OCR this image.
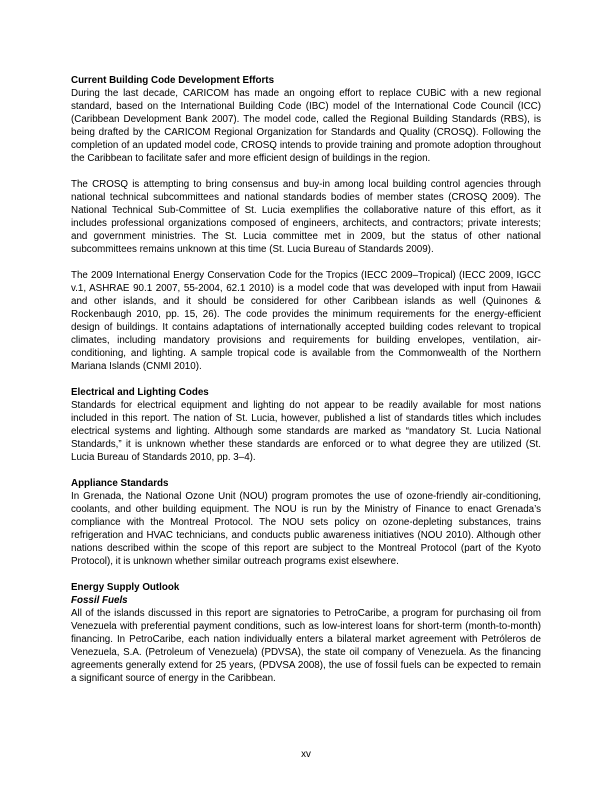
Current Building Code Development Efforts

During the last decade, CARICOM has made an ongoing effort to replace CUBiC with a new regional standard, based on the International Building Code (IBC) model of the International Code Council (ICC) (Caribbean Development Bank 2007). The model code, called the Regional Building Standards (RBS), is being drafted by the CARICOM Regional Organization for Standards and Quality (CROSQ). Following the completion of an updated model code, CROSQ intends to provide training and promote adoption throughout the Caribbean to facilitate safer and more efficient design of buildings in the region.

The CROSQ is attempting to bring consensus and buy-in among local building control agencies through national technical subcommittees and national standards bodies of member states (CROSQ 2009). The National Technical Sub-Committee of St. Lucia exemplifies the collaborative nature of this effort, as it includes professional organizations composed of engineers, architects, and contractors; private interests; and government ministries. The St. Lucia committee met in 2009, but the status of other national subcommittees remains unknown at this time (St. Lucia Bureau of Standards 2009).

The 2009 International Energy Conservation Code for the Tropics (IECC 2009–Tropical) (IECC 2009, IGCC v.1, ASHRAE 90.1 2007, 55-2004, 62.1 2010) is a model code that was developed with input from Hawaii and other islands, and it should be considered for other Caribbean islands as well (Quinones & Rockenbaugh 2010, pp. 15, 26). The code provides the minimum requirements for the energy-efficient design of buildings. It contains adaptations of internationally accepted building codes relevant to tropical climates, including mandatory provisions and requirements for building envelopes, ventilation, air-conditioning, and lighting. A sample tropical code is available from the Commonwealth of the Northern Mariana Islands (CNMI 2010).

Electrical and Lighting Codes

Standards for electrical equipment and lighting do not appear to be readily available for most nations included in this report. The nation of St. Lucia, however, published a list of standards titles which includes electrical systems and lighting. Although some standards are marked as “mandatory St. Lucia National Standards,” it is unknown whether these standards are enforced or to what degree they are utilized (St. Lucia Bureau of Standards 2010, pp. 3–4).

Appliance Standards

In Grenada, the National Ozone Unit (NOU) program promotes the use of ozone-friendly air-conditioning, coolants, and other building equipment. The NOU is run by the Ministry of Finance to enact Grenada’s compliance with the Montreal Protocol. The NOU sets policy on ozone-depleting substances, trains refrigeration and HVAC technicians, and conducts public awareness initiatives (NOU 2010). Although other nations described within the scope of this report are subject to the Montreal Protocol (part of the Kyoto Protocol), it is unknown whether similar outreach programs exist elsewhere.

Energy Supply Outlook
Fossil Fuels

All of the islands discussed in this report are signatories to PetroCaribe, a program for purchasing oil from Venezuela with preferential payment conditions, such as low-interest loans for short-term (month-to-month) financing. In PetroCaribe, each nation individually enters a bilateral market agreement with Petróleros de Venezuela, S.A. (Petroleum of Venezuela) (PDVSA), the state oil company of Venezuela. As the financing agreements generally extend for 25 years, (PDVSA 2008), the use of fossil fuels can be expected to remain a significant source of energy in the Caribbean.

xv
